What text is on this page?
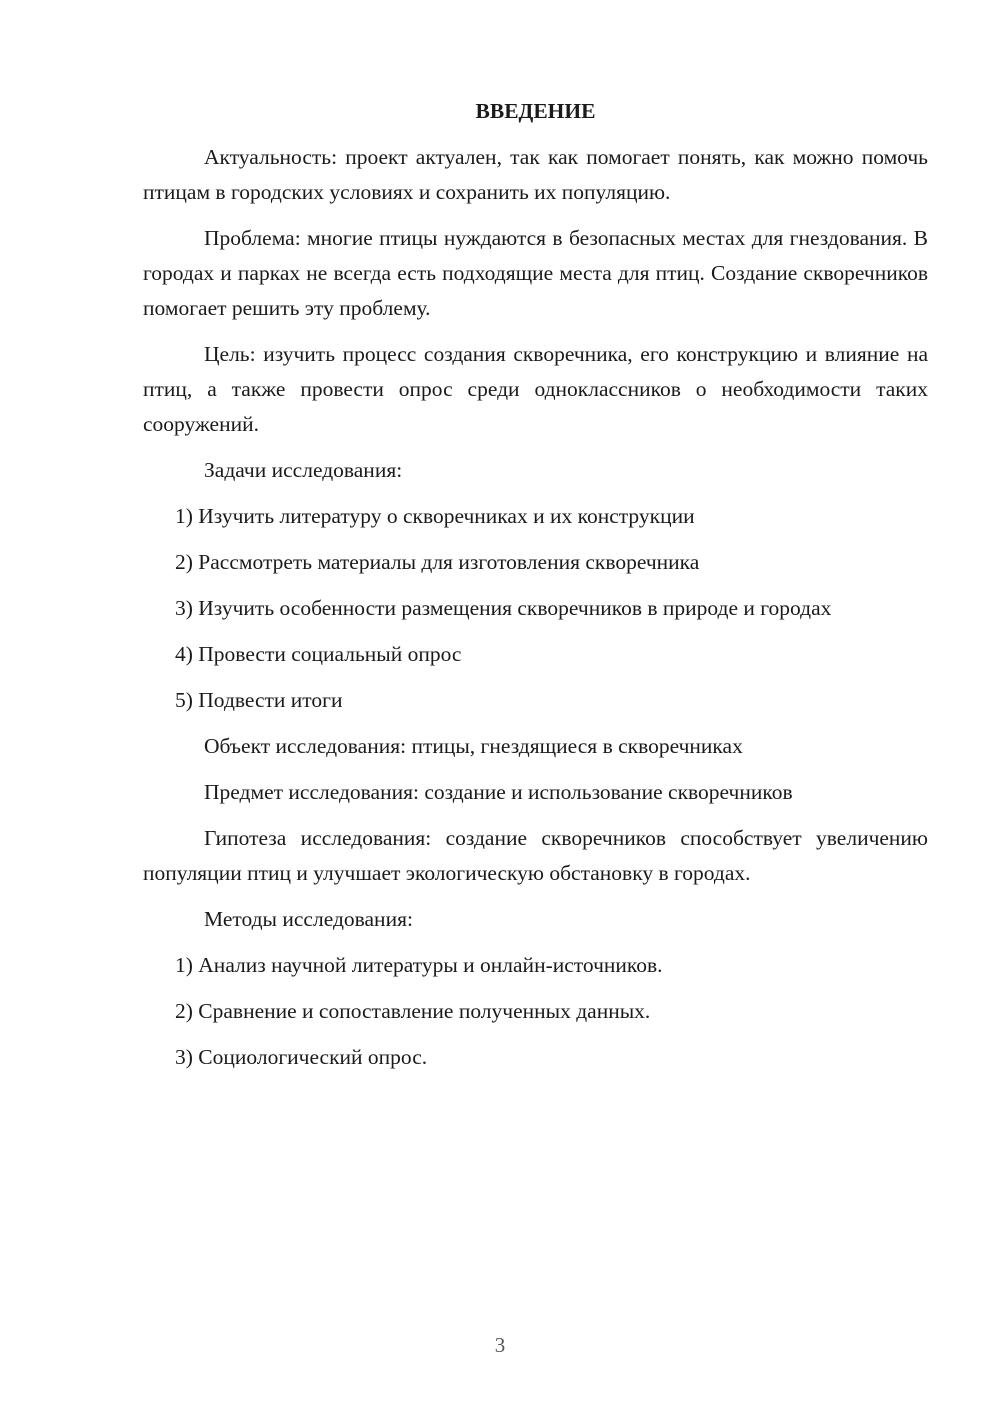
ВВЕДЕНИЕ

Актуальность: проект актуален, так как помогает понять, как можно помочь птицам в городских условиях и сохранить их популяцию.

Проблема: многие птицы нуждаются в безопасных местах для гнездования. В городах и парках не всегда есть подходящие места для птиц. Создание скворечников помогает решить эту проблему.

Цель: изучить процесс создания скворечника, его конструкцию и влияние на птиц, а также провести опрос среди одноклассников о необходимости таких сооружений.

Задачи исследования:

1) Изучить литературу о скворечниках и их конструкции

2) Рассмотреть материалы для изготовления скворечника

3) Изучить особенности размещения скворечников в природе и городах

4) Провести социальный опрос

5) Подвести итоги

Объект исследования: птицы, гнездящиеся в скворечниках

Предмет исследования: создание и использование скворечников

Гипотеза исследования: создание скворечников способствует увеличению популяции птиц и улучшает экологическую обстановку в городах.

Методы исследования:

1) Анализ научной литературы и онлайн-источников.

2) Сравнение и сопоставление полученных данных.

3) Социологический опрос.

3
